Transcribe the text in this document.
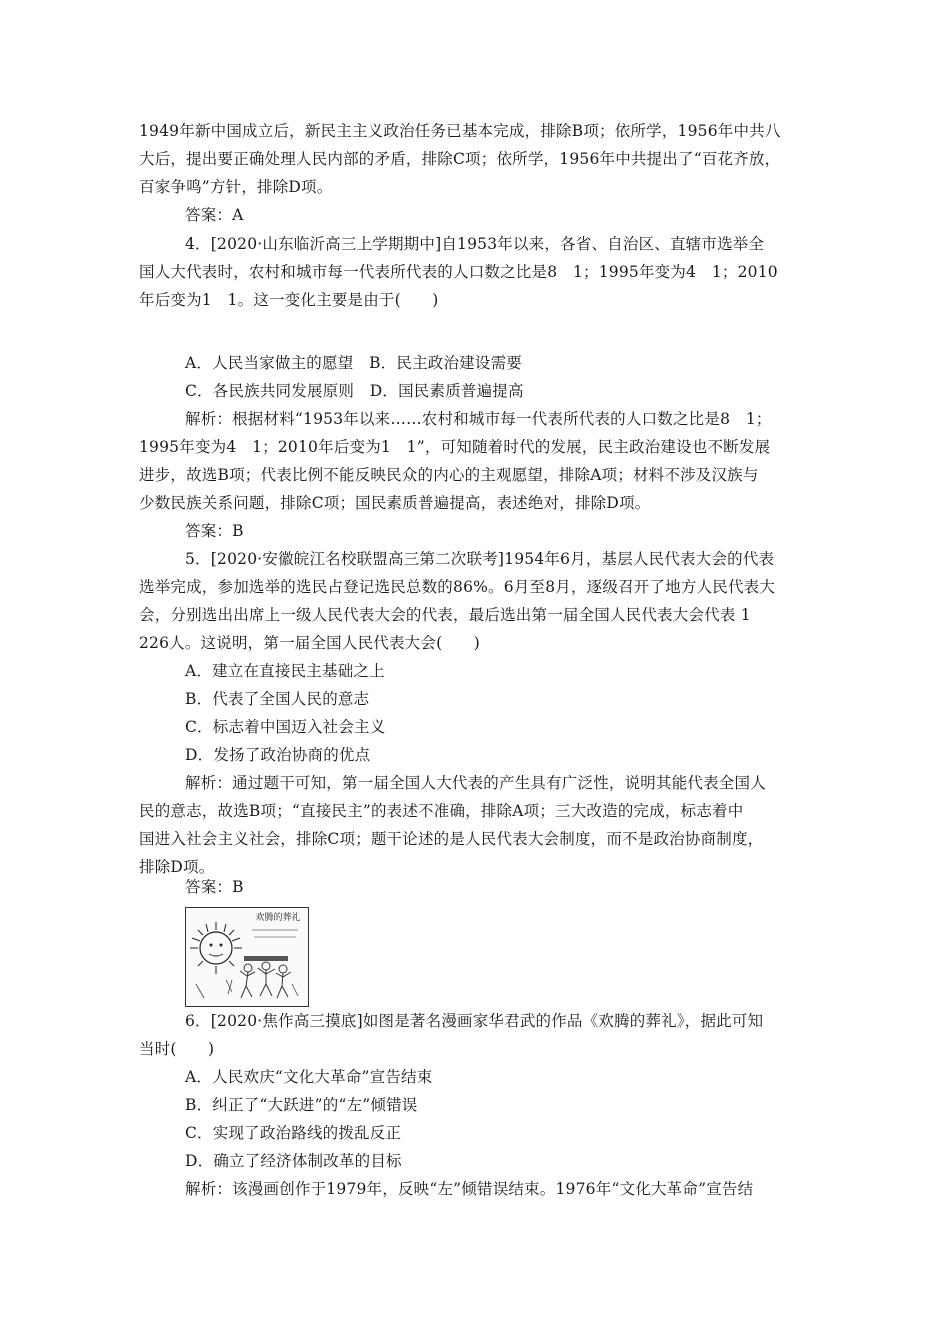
1949年新中国成立后，新民主主义政治任务已基本完成，排除B项；依所学，1956年中共八
大后，提出要正确处理人民内部的矛盾，排除C项；依所学，1956年中共提出了“百花齐放，
百家争鸣”方针，排除D项。
答案：A
4．[2020·山东临沂高三上学期期中]自1953年以来，各省、自治区、直辖市选举全
国人大代表时，农村和城市每一代表所代表的人口数之比是8　1；1995年变为4　1；2010
年后变为1　1。这一变化主要是由于(　　)
A．人民当家做主的愿望　B．民主政治建设需要
C．各民族共同发展原则　D．国民素质普遍提高
解析：根据材料“1953年以来……农村和城市每一代表所代表的人口数之比是8　1；
1995年变为4　1；2010年后变为1　1”，可知随着时代的发展，民主政治建设也不断发展
进步，故选B项；代表比例不能反映民众的内心的主观愿望，排除A项；材料不涉及汉族与
少数民族关系问题，排除C项；国民素质普遍提高，表述绝对，排除D项。
答案：B
5．[2020·安徽皖江名校联盟高三第二次联考]1954年6月，基层人民代表大会的代表
选举完成，参加选举的选民占登记选民总数的86%。6月至8月，逐级召开了地方人民代表大
会，分别选出出席上一级人民代表大会的代表，最后选出第一届全国人民代表大会代表 1
226人。这说明，第一届全国人民代表大会(　　)
A．建立在直接民主基础之上
B．代表了全国人民的意志
C．标志着中国迈入社会主义
D．发扬了政治协商的优点
解析：通过题干可知，第一届全国人大代表的产生具有广泛性，说明其能代表全国人
民的意志，故选B项；“直接民主”的表述不准确，排除A项；三大改造的完成，标志着中
国进入社会主义社会，排除C项；题干论述的是人民代表大会制度，而不是政治协商制度，
排除D项。
答案：B
欢腾的葬礼
6．[2020·焦作高三摸底]如图是著名漫画家华君武的作品《欢腾的葬礼》，据此可知
当时(　　)
A．人民欢庆“文化大革命”宣告结束
B．纠正了“大跃进”的“左”倾错误
C．实现了政治路线的拨乱反正
D．确立了经济体制改革的目标
解析：该漫画创作于1979年，反映“左”倾错误结束。1976年“文化大革命”宣告结
